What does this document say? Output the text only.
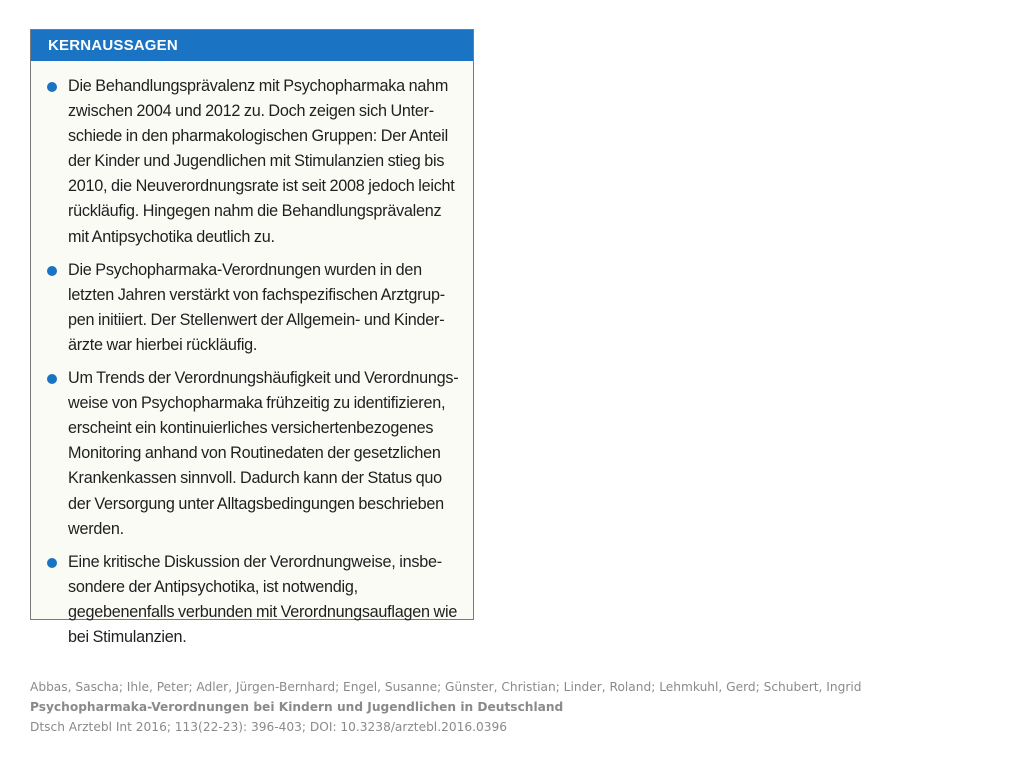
KERNAUSSAGEN
Die Behandlungsprävalenz mit Psychopharmaka nahm zwischen 2004 und 2012 zu. Doch zeigen sich Unterschiede in den pharmakologischen Gruppen: Der Anteil der Kinder und Jugendlichen mit Stimulanzien stieg bis 2010, die Neuverordnungsrate ist seit 2008 jedoch leicht rückläufig. Hingegen nahm die Behandlungsprävalenz mit Antipsychotika deutlich zu.
Die Psychopharmaka-Verordnungen wurden in den letzten Jahren verstärkt von fachspezifischen Arztgruppen initiiert. Der Stellenwert der Allgemein- und Kinderärzte war hierbei rückläufig.
Um Trends der Verordnungshäufigkeit und Verordnungsweise von Psychopharmaka frühzeitig zu identifizieren, erscheint ein kontinuierliches versichertenbezogenes Monitoring anhand von Routinedaten der gesetzlichen Krankenkassen sinnvoll. Dadurch kann der Status quo der Versorgung unter Alltagsbedingungen beschrieben werden.
Eine kritische Diskussion der Verordnungweise, insbesondere der Antipsychotika, ist notwendig, gegebenenfalls verbunden mit Verordnungsauflagen wie bei Stimulanzien.
Abbas, Sascha; Ihle, Peter; Adler, Jürgen-Bernhard; Engel, Susanne; Günster, Christian; Linder, Roland; Lehmkuhl, Gerd; Schubert, Ingrid
Psychopharmaka-Verordnungen bei Kindern und Jugendlichen in Deutschland
Dtsch Arztebl Int 2016; 113(22-23): 396-403; DOI: 10.3238/arztebl.2016.0396
